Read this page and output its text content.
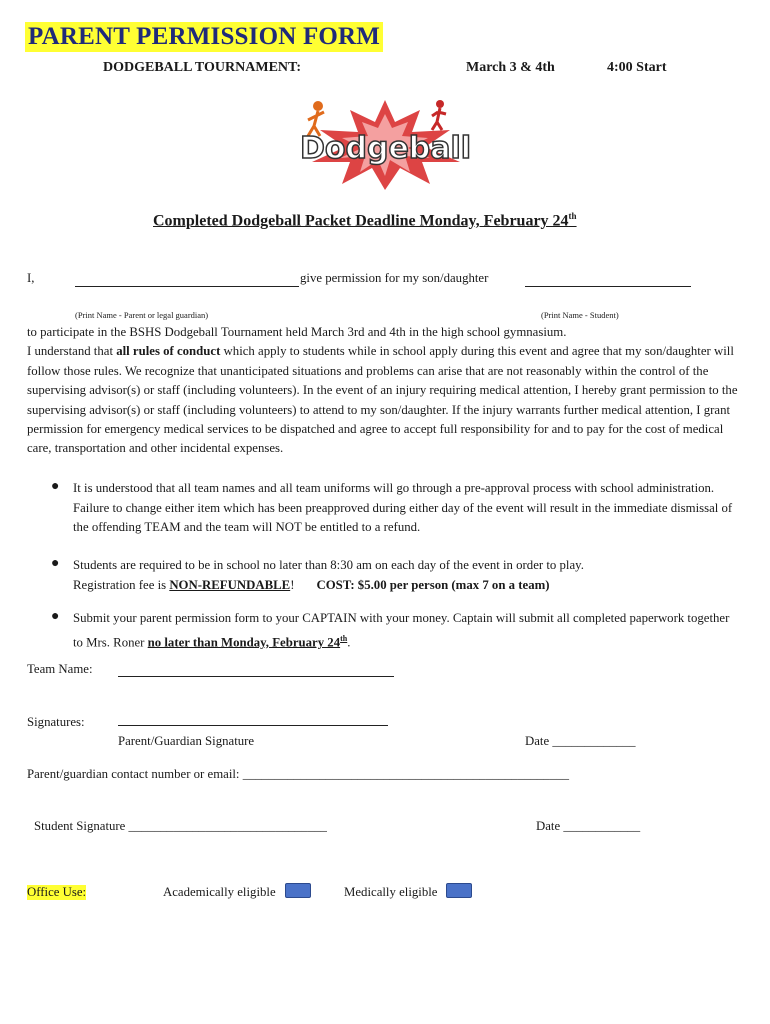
PARENT PERMISSION FORM
DODGEBALL TOURNAMENT:	March 3 & 4th	4:00 Start
Dodgeball
Completed Dodgeball Packet Deadline Monday, February 24th
I,	give permission for my son/daughter
(Print Name - Parent or legal guardian)	(Print Name - Student)
to participate in the BSHS Dodgeball Tournament held March 3rd and 4th in the high school gymnasium.
I understand that all rules of conduct which apply to students while in school apply during this event and agree that my son/daughter will follow those rules. We recognize that unanticipated situations and problems can arise that are not reasonably within the control of the supervising advisor(s) or staff (including volunteers). In the event of an injury requiring medical attention, I hereby grant permission to the supervising advisor(s) or staff (including volunteers) to attend to my son/daughter. If the injury warrants further medical attention, I grant permission for emergency medical services to be dispatched and agree to accept full responsibility for and to pay for the cost of medical care, transportation and other incidental expenses.
● It is understood that all team names and all team uniforms will go through a pre-approval process with school administration. Failure to change either item which has been preapproved during either day of the event will result in the immediate dismissal of the offending TEAM and the team will NOT be entitled to a refund.
● Students are required to be in school no later than 8:30 am on each day of the event in order to play.
Registration fee is NON-REFUNDABLE! COST: $5.00 per person (max 7 on a team)
● Submit your parent permission form to your CAPTAIN with your money. Captain will submit all completed paperwork together to Mrs. Roner no later than Monday, February 24th.
Team Name:
Signatures:
Parent/Guardian Signature	Date _____________
Parent/guardian contact number or email: ___________________________________________________
Student Signature _______________________________	Date ____________
Office Use:	Academically eligible	Medically eligible
